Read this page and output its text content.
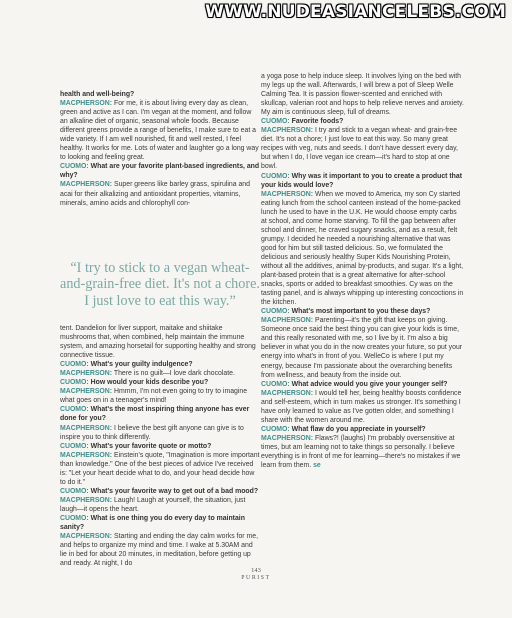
WWW.NUDEASIANCELEBS.COM
health and well-being?
MACPHERSON: For me, it is about living every day as clean, green and active as I can. I'm vegan at the moment, and follow an alkaline diet of organic, seasonal whole foods. Because different greens provide a range of benefits, I make sure to eat a wide variety. If I am well nourished, fit and well rested, I feel healthy. It works for me. Lots of water and laughter go a long way to looking and feeling great.
CUOMO: What are your favorite plant-based ingredients, and why?
MACPHERSON: Super greens like barley grass, spirulina and acai for their alkalizing and antioxidant properties, vitamins, minerals, amino acids and chlorophyll con-
“I try to stick to a vegan wheat-and-grain-free diet. It's not a chore. I just love to eat this way.”
tent. Dandelion for liver support, maitake and shiitake mushrooms that, when combined, help maintain the immune system, and amazing horsetail for supporting healthy and strong connective tissue.
CUOMO: What's your guilty indulgence?
MACPHERSON: There is no guilt—I love dark chocolate.
CUOMO: How would your kids describe you?
MACPHERSON: Hmmm, I'm not even going to try to imagine what goes on in a teenager's mind!
CUOMO: What's the most inspiring thing anyone has ever done for you?
MACPHERSON: I believe the best gift anyone can give is to inspire you to think differently.
CUOMO: What's your favorite quote or motto?
MACPHERSON: Einstein's quote, "Imagination is more important than knowledge." One of the best pieces of advice I've received is: "Let your heart decide what to do, and your head decide how to do it."
CUOMO: What's your favorite way to get out of a bad mood?
MACPHERSON: Laugh! Laugh at yourself, the situation, just laugh—it opens the heart.
CUOMO: What is one thing you do every day to maintain sanity?
MACPHERSON: Starting and ending the day calm works for me, and helps to organize my mind and time. I wake at 5.30AM and lie in bed for about 20 minutes, in meditation, before getting up and ready. At night, I do
a yoga pose to help induce sleep. It involves lying on the bed with my legs up the wall. Afterwards, I will brew a pot of Sleep Welle Calming Tea. It is passion flower-scented and enriched with skullcap, valerian root and hops to help relieve nerves and anxiety. My aim is continuous sleep, full of dreams.
CUOMO: Favorite foods?
MACPHERSON: I try and stick to a vegan wheat- and grain-free diet. It's not a chore; I just love to eat this way. So many great recipes with veg, nuts and seeds. I don't have dessert every day, but when I do, I love vegan ice cream—it's hard to stop at one bowl.
CUOMO: Why was it important to you to create a product that your kids would love?
MACPHERSON: When we moved to America, my son Cy started eating lunch from the school canteen instead of the home-packed lunch he used to have in the U.K. He would choose empty carbs at school, and come home starving. To fill the gap between after school and dinner, he craved sugary snacks, and as a result, felt grumpy. I decided he needed a nourishing alternative that was good for him but still tasted delicious. So, we formulated the delicious and seriously healthy Super Kids Nourishing Protein, without all the additives, animal by-products, and sugar. It's a light, plant-based protein that is a great alternative for after-school snacks, sports or added to breakfast smoothies. Cy was on the tasting panel, and is always whipping up interesting concoctions in the kitchen.
CUOMO: What's most important to you these days?
MACPHERSON: Parenting—it's the gift that keeps on giving. Someone once said the best thing you can give your kids is time, and this really resonated with me, so I live by it. I'm also a big believer in what you do in the now creates your future, so put your energy into what's in front of you. WelleCo is where I put my energy, because I'm passionate about the overarching benefits from wellness, and beauty from the inside out.
CUOMO: What advice would you give your younger self?
MACPHERSON: I would tell her, being healthy boosts confidence and self-esteem, which in turn makes us stronger. It's something I have only learned to value as I've gotten older, and something I share with the women around me.
CUOMO: What flaw do you appreciate in yourself?
MACPHERSON: Flaws?! (laughs) I'm probably oversensitive at times, but am learning not to take things so personally. I believe everything is in front of me for learning—there's no mistakes if we learn from them. se
143
PURIST
